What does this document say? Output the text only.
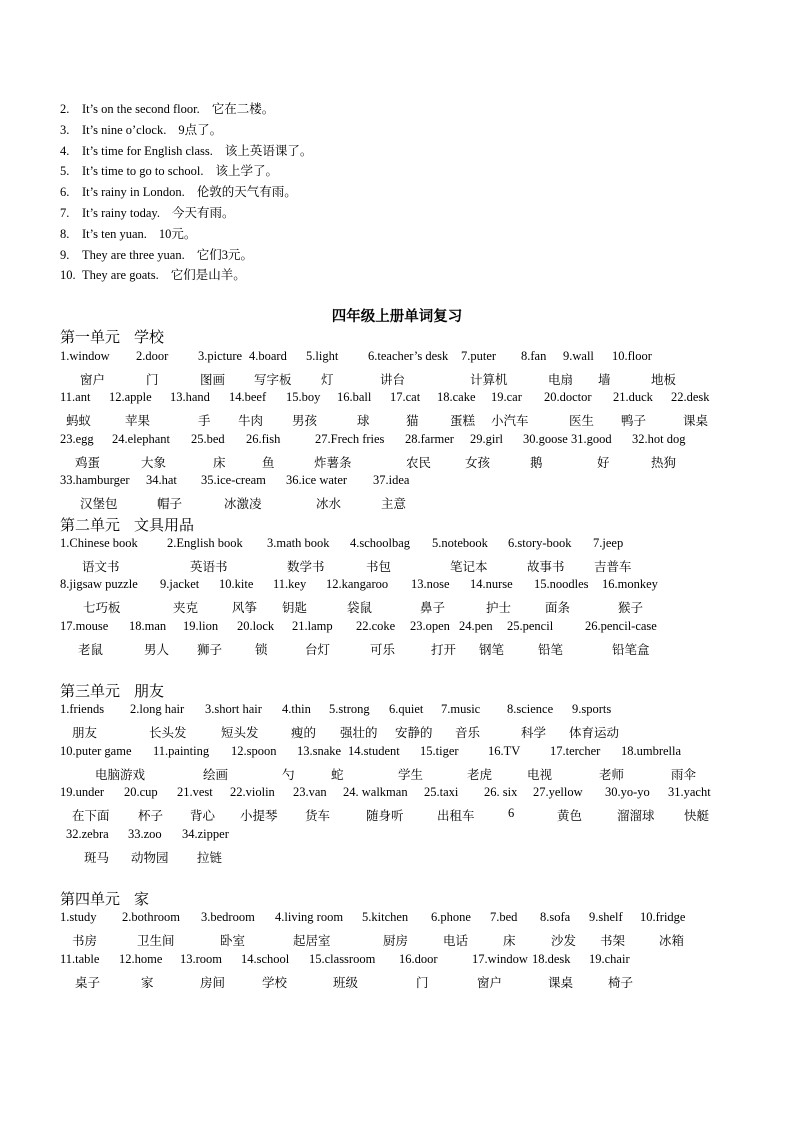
2. It’s on the second floor. 它在二楼。
3. It’s nine o’clock. 9点了。
4. It’s time for English class. 该上英语课了。
5. It’s time to go to school. 该上学了。
6. It’s rainy in London. 伦敦的天气有雨。
7. It’s rainy today. 今天有雨。
8. It’s ten yuan. 10元。
9. They are three yuan. 它们3元。
10. They are goats. 它们是山羊。
四年级上册单词复习
第一单元 学校
1.window 2.door 3.picture 4.board 5.light 6.teacher’s desk 7.puter 8.fan 9.wall 10.floor
窗户	门	图画 写字板 灯	讲台	计算机	电扇 墙	地板
11.ant 12.apple 13.hand 14.beef 15.boy 16.ball 17.cat 18.cake 19.car 20.doctor 21.duck 22.desk
蚂蚁	苹果	手 牛肉 男孩	球	猫	蛋糕 小汽车	医生 鸭子	课桌
23.egg 24.elephant 25.bed 26.fish	27.Frech fries 28.farmer 29.girl 30.goose 31.good 32.hot dog
鸡蛋	大象	床	鱼	炸薯条	农民	女孩	鹅	好	热狗
33.hamburger 34.hat 35.ice-cream 36.ice water 37.idea
汉堡包	帽子	冰激凌	冰水	主意
第二单元 文具用品
1.Chinese book 2.English book 3.math book 4.schoolbag 5.notebook 6.story-book 7.jeep
语文书	英语书	数学书	书包	笔记本	故事书 吉普车
8.jigsaw puzzle 9.jacket 10.kite 11.key 12.kangaroo 13.nose 14.nurse 15.noodles 16.monkey
七巧板	夹克	风筝 钥匙	袋鼠	鼻子	护士	面条	猴子
17.mouse 18.man 19.lion 20.lock 21.lamp 22.coke 23.open 24.pen 25.pencil	26.pencil-case
老鼠	男人 狮子	锁	台灯	可乐	打开 钢笔	铅笔	铅笔盒
第三单元 朋友
1.friends 2.long hair 3.short hair 4.thin 5.strong 6.quiet 7.music 8.science 9.sports
朋友	长头发	短头发	瘦的 强壮的 安静的 音乐	科学 体育运动
10.puter game 11.painting 12.spoon 13.snake 14.student 15.tiger 16.TV 17.tercher 18.umbrella
电脑游戏	绘画	勺	蛇	学生	老虎	电视	老师	雨伞
19.under 20.cup 21.vest 22.violin 23.van 24. walkman 25.taxi 26. six 27.yellow 30.yo-yo 31.yacht
在下面 杯子 背心 小提琴 货车	随身听	出租车	6	黄色	溜溜球 快艇
32.zebra 33.zoo 34.zipper
斑马 动物园 拉链
第四单元 家
1.study 2.bothroom 3.bedroom 4.living room 5.kitchen 6.phone 7.bed 8.sofa 9.shelf 10.fridge
书房	卫生间	卧室	起居室	厨房	电话	床	沙发 书架	冰箱
11.table 12.home 13.room 14.school 15.classroom 16.door	17.window 18.desk 19.chair
桌子	家	房间	学校	班级	门	窗户	课桌	椅子
